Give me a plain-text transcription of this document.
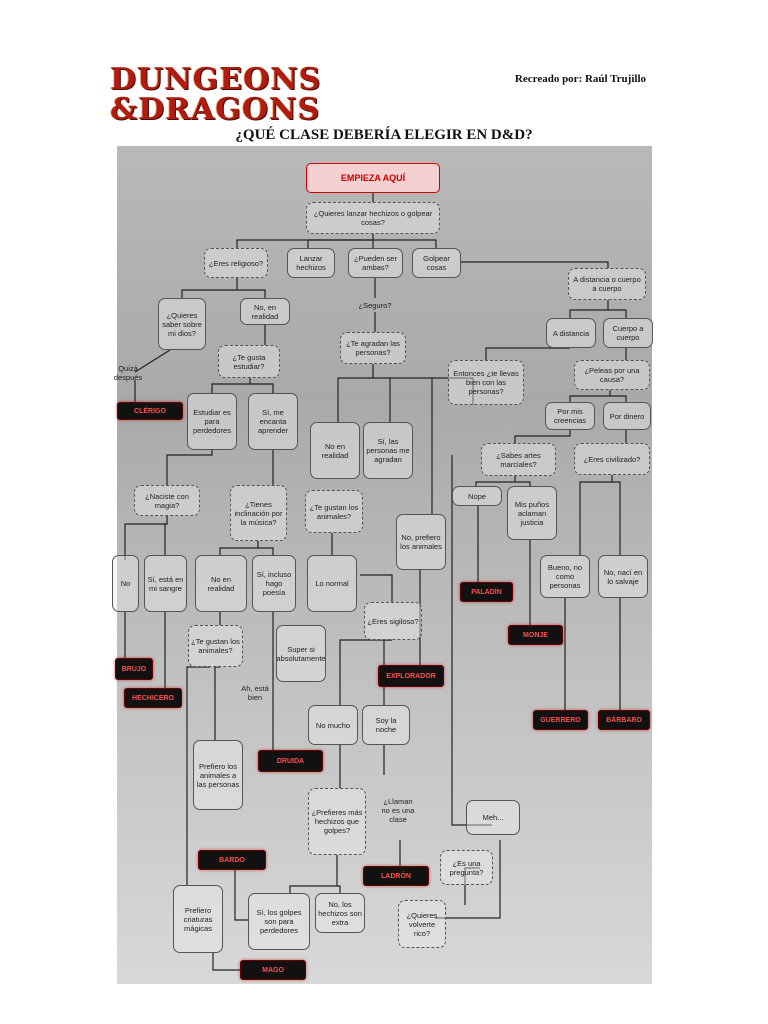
DUNGEONS
&DRAGONS
Recreado por: Raúl Trujillo
¿QUÉ CLASE DEBERÍA ELEGIR EN D&D?
EMPIEZA AQUÍ
¿Quieres lanzar hechizos o golpear cosas?
¿Eres religioso?	Lanzar hechizos
¿Pueden ser ambas?
Golpear cosas
A distancia o cuerpo a cuerpo
¿Quieres saber sobre mi dios?
No, en realidad
¿Seguro?
A distancia	Cuerpo a cuerpo
¿Te agradan las personas?
¿Te gusta estudiar?
Quizá después
¿Peleas por una causa?
Entonces ¿te llevas bien con las personas?
Estudiar es para perdedores
Sí, me encanta aprender
Por mis creencias	Por dinero
No en realidad
Sí, las personas me agradan	¿Sabes artes marciales?
¿Eres civilizado?
Nope
Mis puños aclaman justicia
¿Naciste con magia?	¿Tienes inclinación por la música?
¿Te gustan los animales?
No, prefiero los animales
No	Sí, está en mi sangre
No en realidad
Sí, incluso hago poesía
Lo normal
Bueno, no como personas
No, nací en lo salvaje
¿Eres sigiloso?
Super si absolutamente
¿Te gustan los animales?
Ah, está bien
No mucho	Soy la noche
Prefiero los animales a las personas
¿Llaman no es una clase
¿Prefieres más hechizos que golpes?
Meh...
¿Es una pregunta?
Prefiero criaturas mágicas
Sí, los golpes son para perdedores
No, los hechizos son extra
¿Quieres volverte rico?
CLÉRIGO
PALADÍN
MONJE
BRUJO
EXPLORADOR
HECHICERO
GUERRERO	BÁRBARO
DRUIDA
BARDO
LADRÓN
MAGO
